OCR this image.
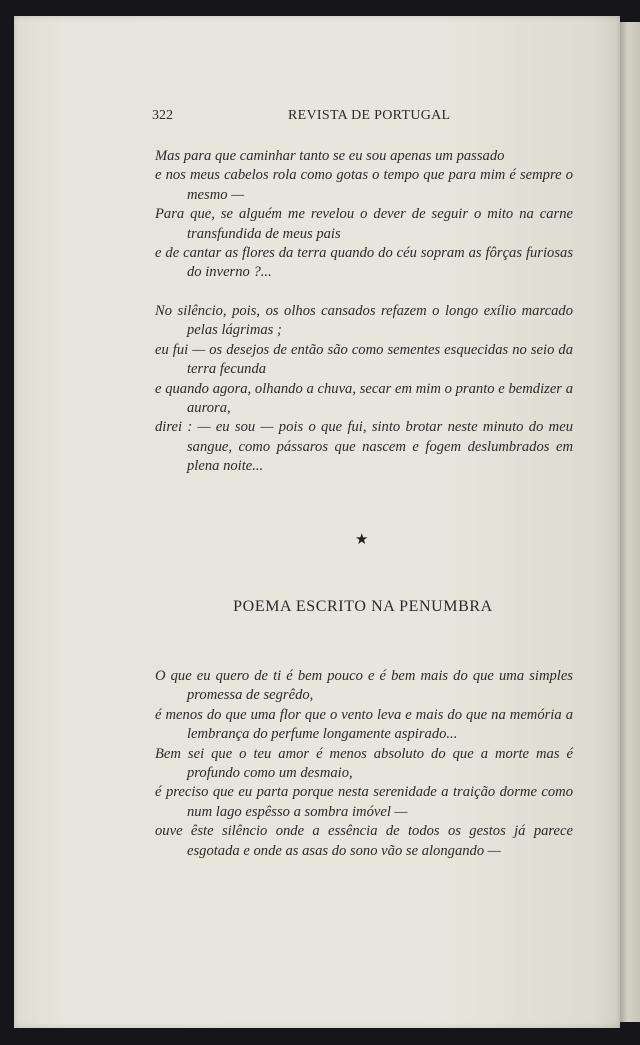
322	REVISTA DE PORTUGAL
Mas para que caminhar tanto se eu sou apenas um passado
e nos meus cabelos rola como gotas o tempo que para mim é sempre o mesmo —
Para que, se alguém me revelou o dever de seguir o mito na carne transfundida de meus pais
e de cantar as flores da terra quando do céu sopram as fôrças furiosas do inverno ?...
No silêncio, pois, os olhos cansados refazem o longo exílio marcado pelas lágrimas ;
eu fui — os desejos de então são como sementes esquecidas no seio da terra fecunda
e quando agora, olhando a chuva, secar em mim o pranto e bemdizer a aurora,
direi : — eu sou — pois o que fui, sinto brotar neste minuto do meu sangue, como pássaros que nascem e fogem deslumbrados em plena noite...
★
POEMA ESCRITO NA PENUMBRA
O que eu quero de ti é bem pouco e é bem mais do que uma simples promessa de segrêdo,
é menos do que uma flor que o vento leva e mais do que na memória a lembrança do perfume longamente aspirado...
Bem sei que o teu amor é menos absoluto do que a morte mas é profundo como um desmaio,
é preciso que eu parta porque nesta serenidade a traição dorme como num lago espêsso a sombra imóvel —
ouve êste silêncio onde a essência de todos os gestos já parece esgotada e onde as asas do sono vão se alongando —
